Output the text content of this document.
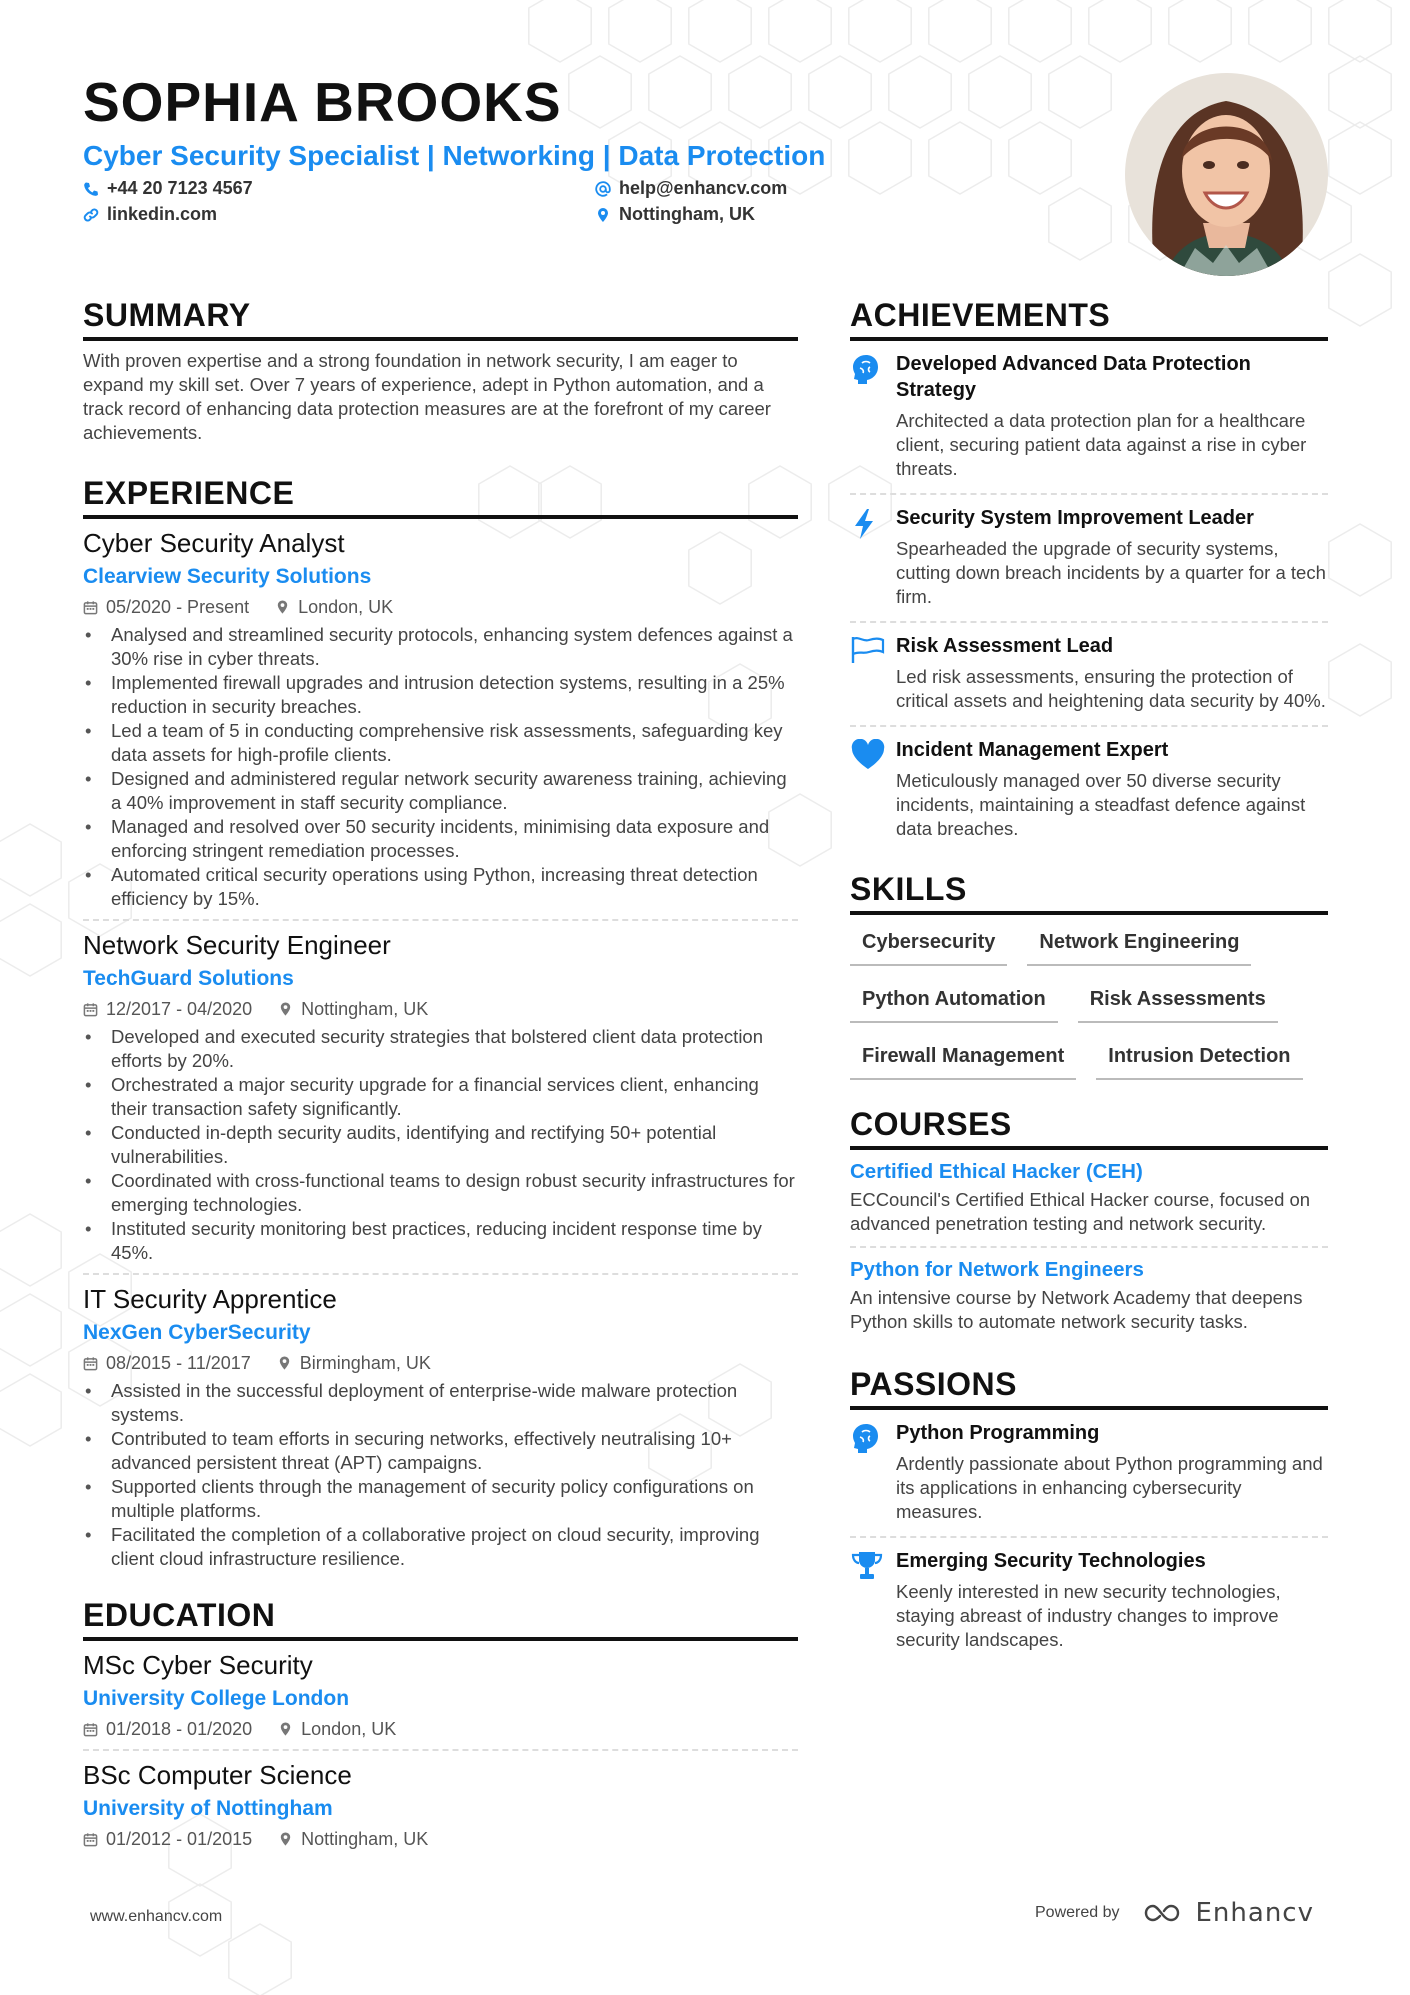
SOPHIA BROOKS
Cyber Security Specialist | Networking | Data Protection
+44 20 7123 4567
linkedin.com
help@enhancv.com
Nottingham, UK
SUMMARY
With proven expertise and a strong foundation in network security, I am eager to expand my skill set. Over 7 years of experience, adept in Python automation, and a track record of enhancing data protection measures are at the forefront of my career achievements.
EXPERIENCE
Cyber Security Analyst
Clearview Security Solutions
05/2020 - Present	London, UK
• Analysed and streamlined security protocols, enhancing system defences against a 30% rise in cyber threats.
• Implemented firewall upgrades and intrusion detection systems, resulting in a 25% reduction in security breaches.
• Led a team of 5 in conducting comprehensive risk assessments, safeguarding key data assets for high-profile clients.
• Designed and administered regular network security awareness training, achieving a 40% improvement in staff security compliance.
• Managed and resolved over 50 security incidents, minimising data exposure and enforcing stringent remediation processes.
• Automated critical security operations using Python, increasing threat detection efficiency by 15%.
Network Security Engineer
TechGuard Solutions
12/2017 - 04/2020	Nottingham, UK
• Developed and executed security strategies that bolstered client data protection efforts by 20%.
• Orchestrated a major security upgrade for a financial services client, enhancing their transaction safety significantly.
• Conducted in-depth security audits, identifying and rectifying 50+ potential vulnerabilities.
• Coordinated with cross-functional teams to design robust security infrastructures for emerging technologies.
• Instituted security monitoring best practices, reducing incident response time by 45%.
IT Security Apprentice
NexGen CyberSecurity
08/2015 - 11/2017	Birmingham, UK
• Assisted in the successful deployment of enterprise-wide malware protection systems.
• Contributed to team efforts in securing networks, effectively neutralising 10+ advanced persistent threat (APT) campaigns.
• Supported clients through the management of security policy configurations on multiple platforms.
• Facilitated the completion of a collaborative project on cloud security, improving client cloud infrastructure resilience.
EDUCATION
MSc Cyber Security
University College London
01/2018 - 01/2020	London, UK
BSc Computer Science
University of Nottingham
01/2012 - 01/2015	Nottingham, UK
ACHIEVEMENTS
Developed Advanced Data Protection Strategy
Architected a data protection plan for a healthcare client, securing patient data against a rise in cyber threats.
Security System Improvement Leader
Spearheaded the upgrade of security systems, cutting down breach incidents by a quarter for a tech firm.
Risk Assessment Lead
Led risk assessments, ensuring the protection of critical assets and heightening data security by 40%.
Incident Management Expert
Meticulously managed over 50 diverse security incidents, maintaining a steadfast defence against data breaches.
SKILLS
Cybersecurity	Network Engineering
Python Automation	Risk Assessments
Firewall Management	Intrusion Detection
COURSES
Certified Ethical Hacker (CEH)
ECCouncil's Certified Ethical Hacker course, focused on advanced penetration testing and network security.
Python for Network Engineers
An intensive course by Network Academy that deepens Python skills to automate network security tasks.
PASSIONS
Python Programming
Ardently passionate about Python programming and its applications in enhancing cybersecurity measures.
Emerging Security Technologies
Keenly interested in new security technologies, staying abreast of industry changes to improve security landscapes.
www.enhancv.com	Powered by	Enhancv
